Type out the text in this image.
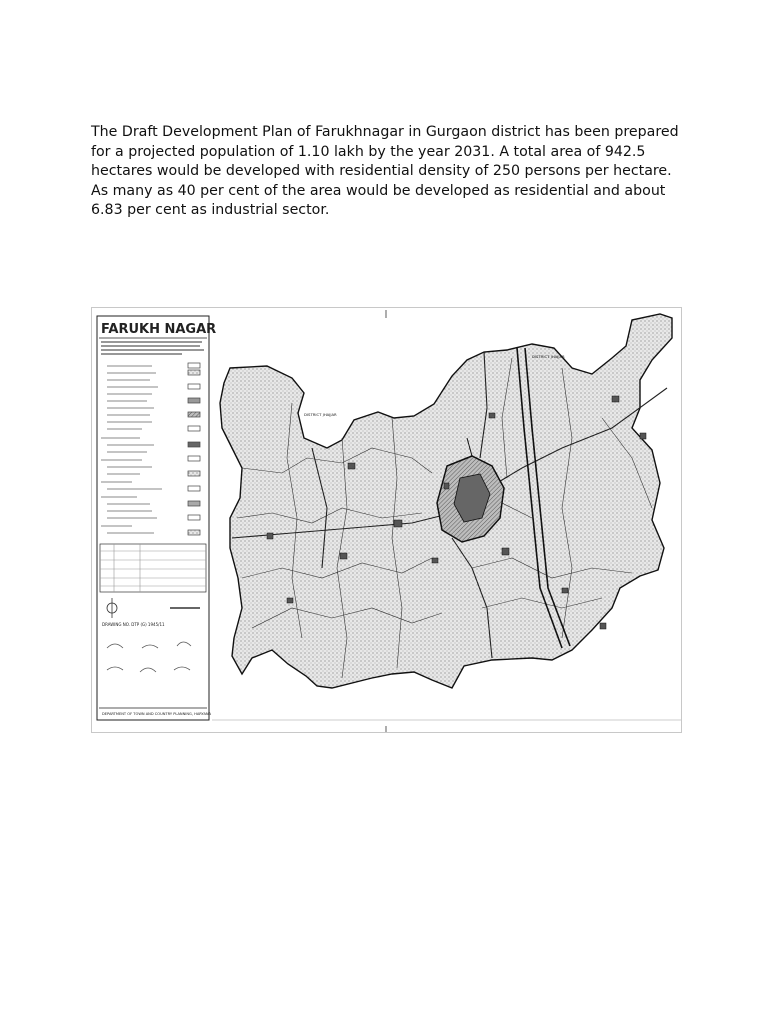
The Draft Development Plan of Farukhnagar in Gurgaon district has been prepared for a projected population of 1.10 lakh by the year 2031. A total area of 942.5 hectares would be developed with residential density of 250 persons per hectare. As many as 40 per cent of the area would be developed as residential and about 6.83 per cent as industrial sector.

FARUKH NAGAR
DRAWING NO. DTP (G) 1945/11
DEPARTMENT OF TOWN AND COUNTRY PLANNING, HARYANA
DISTRICT JHAJJAR
DISTRICT JHAJJAR
